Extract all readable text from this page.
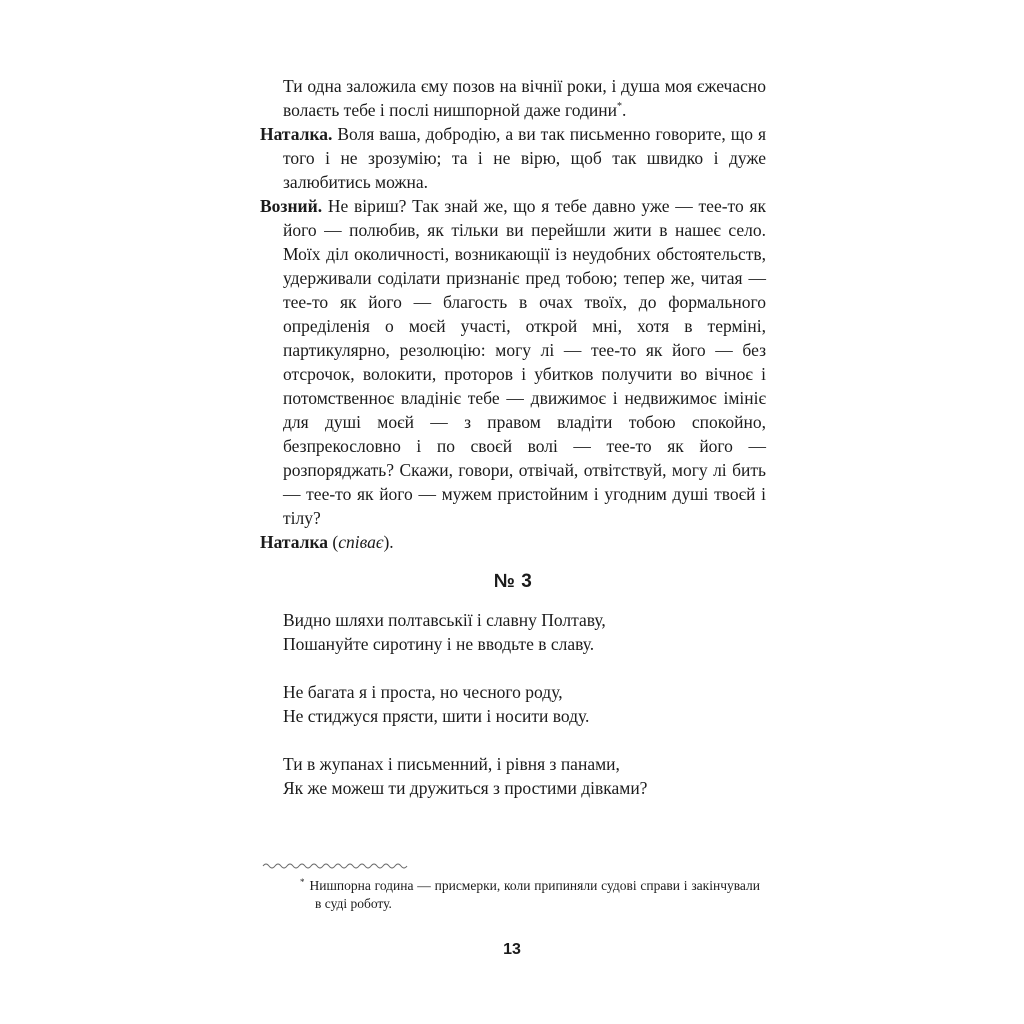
Ти одна заложила єму позов на вічнії роки, і душа моя єжечасно волаєть тебе і послі нишпорной даже години*.

Наталка. Воля ваша, добродію, а ви так письменно говорите, що я того і не зрозумію; та і не вірю, щоб так швидко і дуже залюбитись можна.

Возний. Не віриш? Так знай же, що я тебе давно уже — тее-то як його — полюбив, як тільки ви перейшли жити в нашеє село. Моїх діл околичності, возникающії із неудобних обстоятельств, удерживали соділати признаніє пред тобою; тепер же, читая — тее-то як його — благость в очах твоїх, до формального опреділенія о моєй участі, открой мні, хотя в терміні, партикулярно, резолюцію: могу лі — тее-то як його — без отсрочок, волокити, проторов і убитков получити во вічноє і потомственноє владініє тебе — движимоє і недвижимоє імініє для душі моєй — з правом владіти тобою спокойно, безпрекословно і по своєй волі — тее-то як його — розпоряджать? Скажи, говори, отвічай, отвітствуй, могу лі бить — тее-то як його — мужем пристойним і угодним душі твоєй і тілу?

Наталка (співає).

№ 3

Видно шляхи полтавськії і славну Полтаву,
Пошануйте сиротину і не вводьте в славу.

Не багата я і проста, но чесного роду,
Не стиджуся прясти, шити і носити воду.

Ти в жупанах і письменний, і рівня з панами,
Як же можеш ти дружиться з простими дівками?

* Нишпорна година — присмерки, коли припиняли судові справи і закінчували в суді роботу.

13
